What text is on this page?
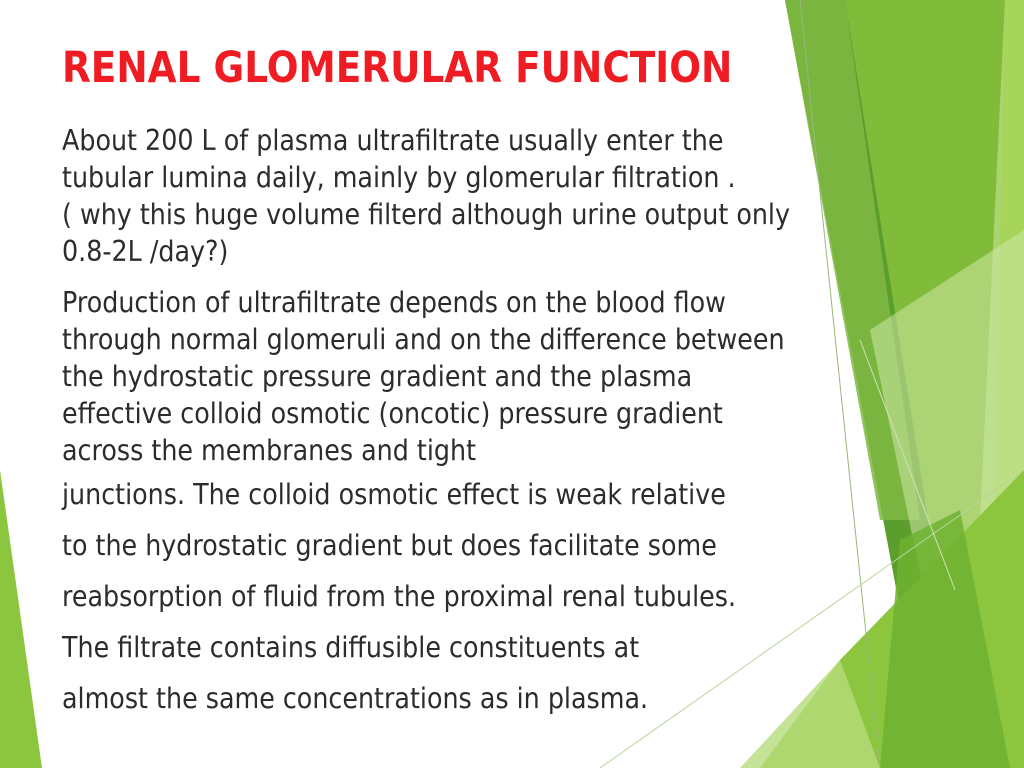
RENAL GLOMERULAR FUNCTION

About 200 L of plasma ultrafiltrate usually enter the

tubular lumina daily, mainly by glomerular filtration .

( why this huge volume filterd although urine output only

0.8-2L /day?)

Production of ultrafiltrate depends on the blood flow

through normal glomeruli and on the difference between

the hydrostatic pressure gradient and the plasma

effective colloid osmotic (oncotic) pressure gradient

across the membranes and tight

junctions. The colloid osmotic effect is weak relative

to the hydrostatic gradient but does facilitate some

reabsorption of fluid from the proximal renal tubules.

The filtrate contains diffusible constituents at

almost the same concentrations as in plasma.
